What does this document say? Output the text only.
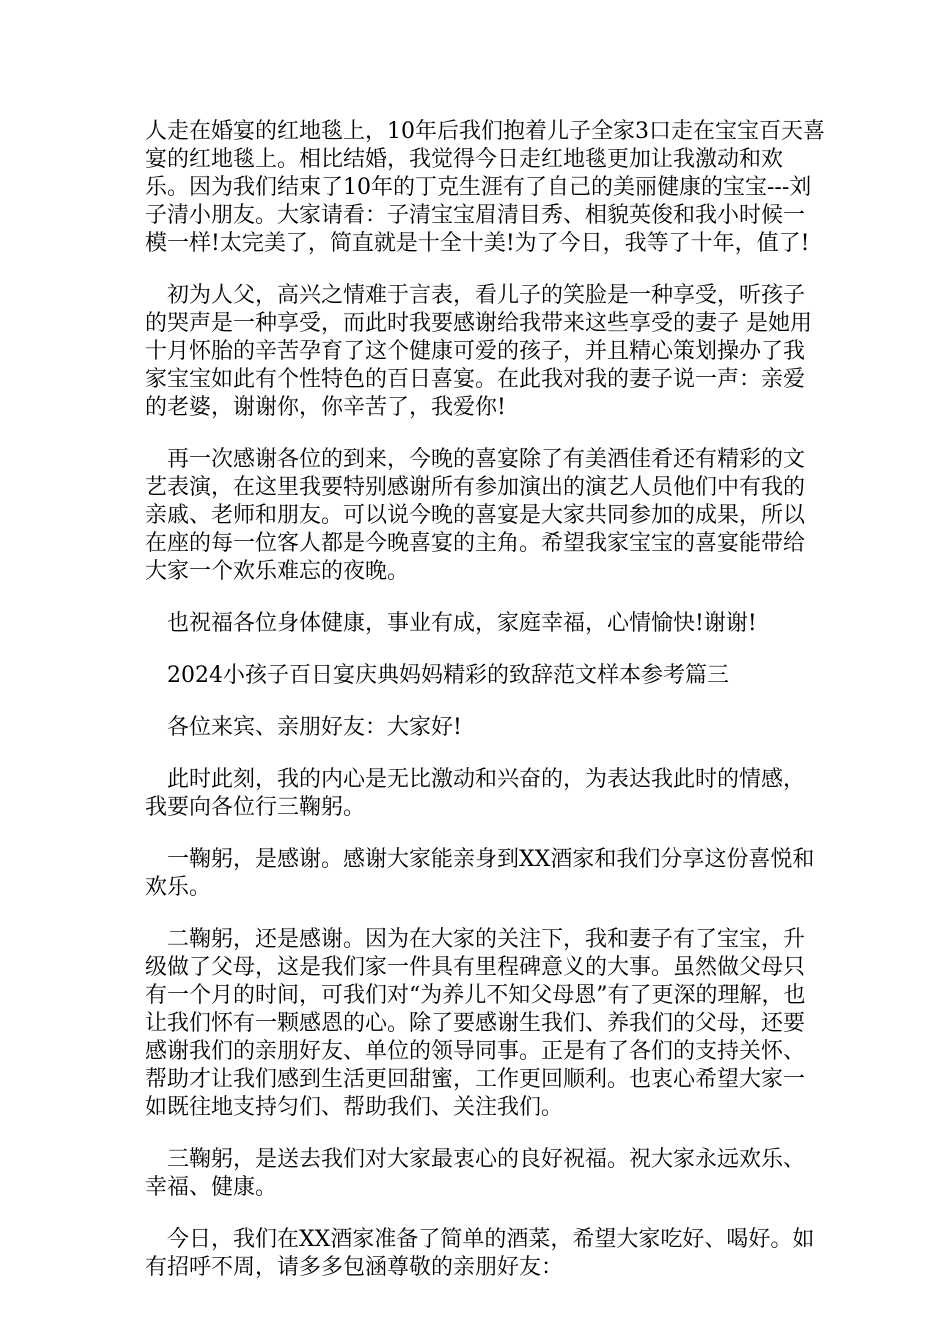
人走在婚宴的红地毯上，10年后我们抱着儿子全家3口走在宝宝百天喜宴的红地毯上。相比结婚，我觉得今日走红地毯更加让我激动和欢乐。因为我们结束了10年的丁克生涯有了自己的美丽健康的宝宝---刘子清小朋友。大家请看：子清宝宝眉清目秀、相貌英俊和我小时候一模一样!太完美了，简直就是十全十美!为了今日，我等了十年，值了!

初为人父，高兴之情难于言表，看儿子的笑脸是一种享受，听孩子的哭声是一种享受，而此时我要感谢给我带来这些享受的妻子 是她用十月怀胎的辛苦孕育了这个健康可爱的孩子，并且精心策划操办了我家宝宝如此有个性特色的百日喜宴。在此我对我的妻子说一声：亲爱的老婆，谢谢你，你辛苦了，我爱你!

再一次感谢各位的到来，今晚的喜宴除了有美酒佳肴还有精彩的文艺表演，在这里我要特别感谢所有参加演出的演艺人员他们中有我的亲戚、老师和朋友。可以说今晚的喜宴是大家共同参加的成果，所以在座的每一位客人都是今晚喜宴的主角。希望我家宝宝的喜宴能带给大家一个欢乐难忘的夜晚。

也祝福各位身体健康，事业有成，家庭幸福，心情愉快!谢谢!

2024小孩子百日宴庆典妈妈精彩的致辞范文样本参考篇三

各位来宾、亲朋好友：大家好!

此时此刻，我的内心是无比激动和兴奋的，为表达我此时的情感，我要向各位行三鞠躬。

一鞠躬，是感谢。感谢大家能亲身到XX酒家和我们分享这份喜悦和欢乐。

二鞠躬，还是感谢。因为在大家的关注下，我和妻子有了宝宝，升级做了父母，这是我们家一件具有里程碑意义的大事。虽然做父母只有一个月的时间，可我们对“为养儿不知父母恩”有了更深的理解，也让我们怀有一颗感恩的心。除了要感谢生我们、养我们的父母，还要感谢我们的亲朋好友、单位的领导同事。正是有了各们的支持关怀、帮助才让我们感到生活更回甜蜜，工作更回顺利。也衷心希望大家一如既往地支持匀们、帮助我们、关注我们。

三鞠躬，是送去我们对大家最衷心的良好祝福。祝大家永远欢乐、幸福、健康。

今日，我们在XX酒家准备了简单的酒菜，希望大家吃好、喝好。如有招呼不周，请多多包涵尊敬的亲朋好友：
